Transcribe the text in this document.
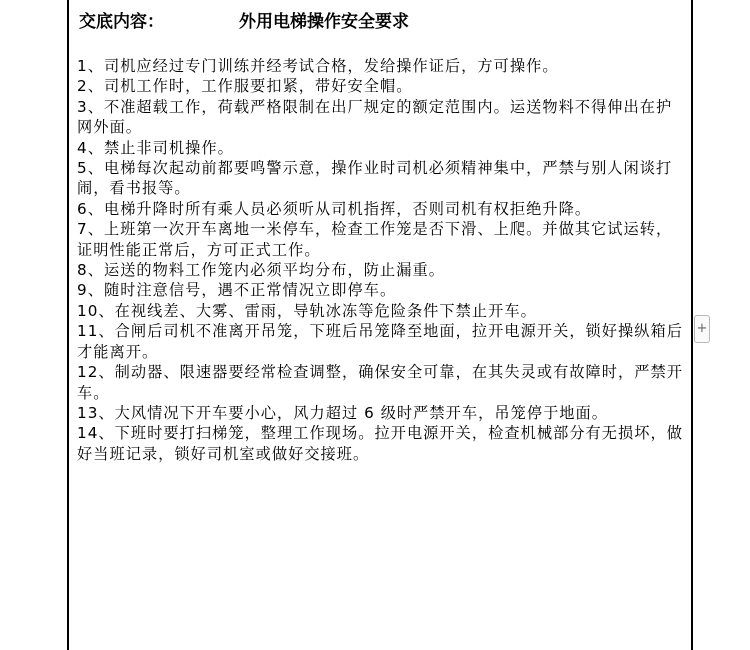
交底内容：	外用电梯操作安全要求
1、司机应经过专门训练并经考试合格，发给操作证后，方可操作。
2、司机工作时，工作服要扣紧，带好安全帽。
3、不准超载工作，荷载严格限制在出厂规定的额定范围内。运送物料不得伸出在护网外面。
4、禁止非司机操作。
5、电梯每次起动前都要鸣警示意，操作业时司机必须精神集中，严禁与别人闲谈打闹，看书报等。
6、电梯升降时所有乘人员必须听从司机指挥，否则司机有权拒绝升降。
7、上班第一次开车离地一米停车，检查工作笼是否下滑、上爬。并做其它试运转，证明性能正常后，方可正式工作。
8、运送的物料工作笼内必须平均分布，防止漏重。
9、随时注意信号，遇不正常情况立即停车。
10、在视线差、大雾、雷雨，导轨冰冻等危险条件下禁止开车。
11、合闸后司机不准离开吊笼，下班后吊笼降至地面，拉开电源开关，锁好操纵箱后才能离开。
12、制动器、限速器要经常检查调整，确保安全可靠，在其失灵或有故障时，严禁开车。
13、大风情况下开车要小心，风力超过 6 级时严禁开车，吊笼停于地面。
14、下班时要打扫梯笼，整理工作现场。拉开电源开关，检查机械部分有无损坏，做好当班记录，锁好司机室或做好交接班。
+
